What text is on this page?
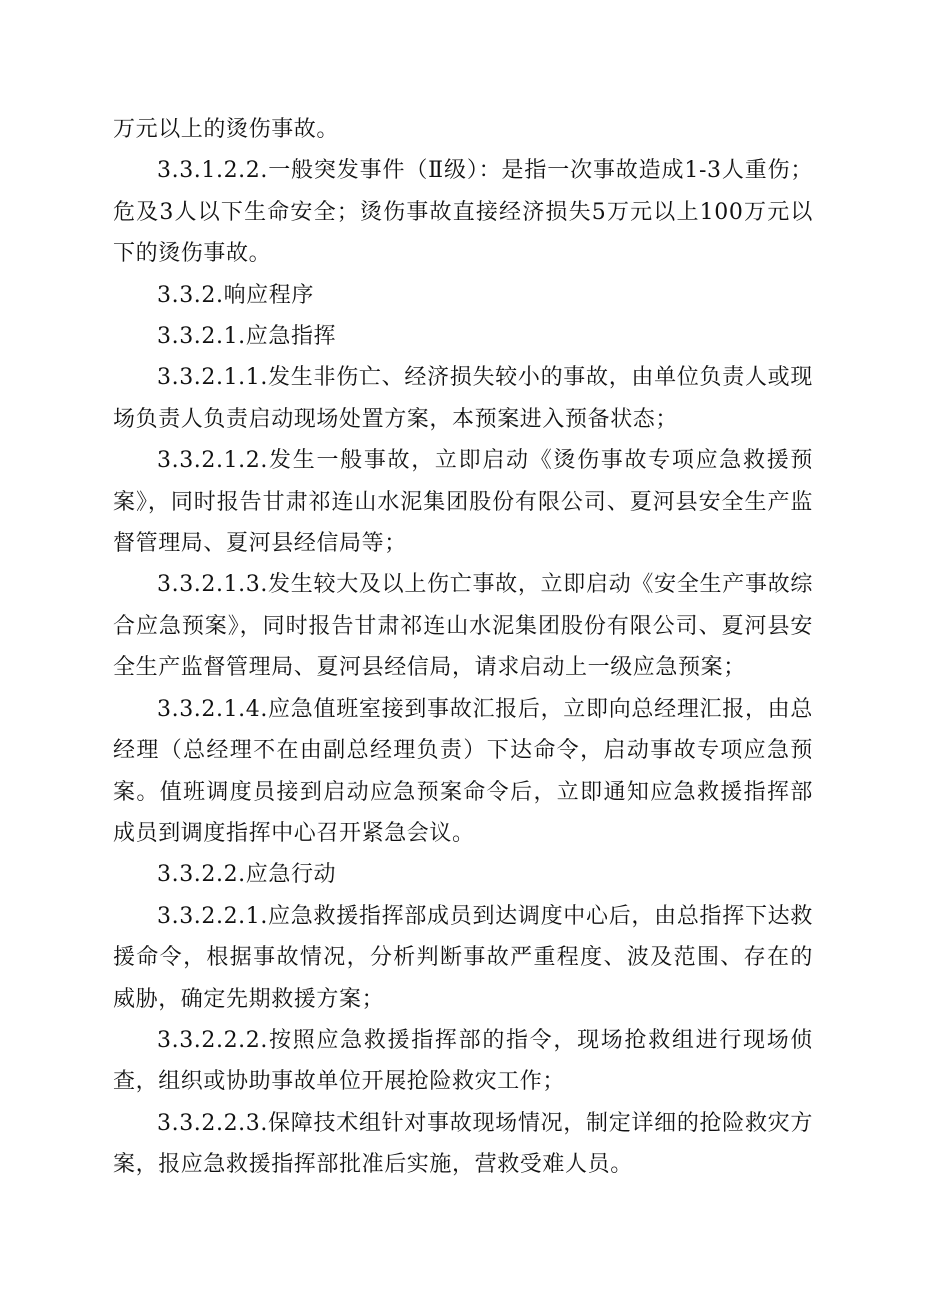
万元以上的烫伤事故。

3.3.1.2.2.一般突发事件（Ⅱ级）：是指一次事故造成1-3人重伤；危及3人以下生命安全；烫伤事故直接经济损失5万元以上100万元以下的烫伤事故。

3.3.2.响应程序

3.3.2.1.应急指挥

3.3.2.1.1.发生非伤亡、经济损失较小的事故，由单位负责人或现场负责人负责启动现场处置方案，本预案进入预备状态；

3.3.2.1.2.发生一般事故，立即启动《烫伤事故专项应急救援预案》，同时报告甘肃祁连山水泥集团股份有限公司、夏河县安全生产监督管理局、夏河县经信局等；

3.3.2.1.3.发生较大及以上伤亡事故，立即启动《安全生产事故综合应急预案》，同时报告甘肃祁连山水泥集团股份有限公司、夏河县安全生产监督管理局、夏河县经信局，请求启动上一级应急预案；

3.3.2.1.4.应急值班室接到事故汇报后，立即向总经理汇报，由总经理（总经理不在由副总经理负责）下达命令，启动事故专项应急预案。值班调度员接到启动应急预案命令后，立即通知应急救援指挥部成员到调度指挥中心召开紧急会议。

3.3.2.2.应急行动

3.3.2.2.1.应急救援指挥部成员到达调度中心后，由总指挥下达救援命令，根据事故情况，分析判断事故严重程度、波及范围、存在的威胁，确定先期救援方案；

3.3.2.2.2.按照应急救援指挥部的指令，现场抢救组进行现场侦查，组织或协助事故单位开展抢险救灾工作；

3.3.2.2.3.保障技术组针对事故现场情况，制定详细的抢险救灾方案，报应急救援指挥部批准后实施，营救受难人员。
